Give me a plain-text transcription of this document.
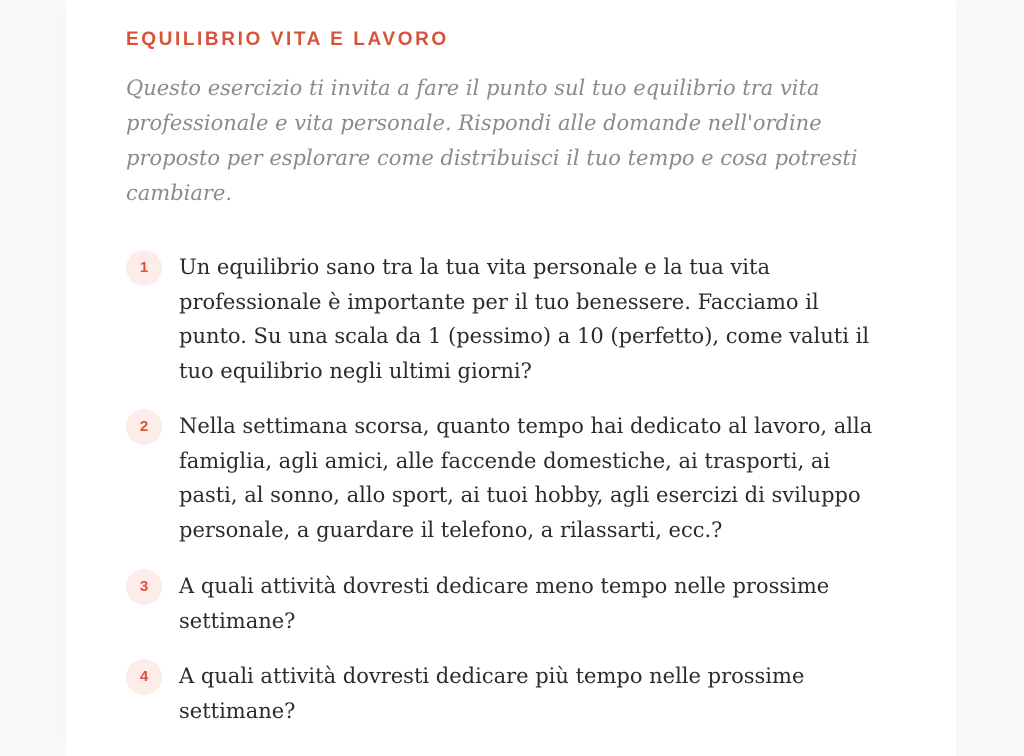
EQUILIBRIO VITA E LAVORO

Questo esercizio ti invita a fare il punto sul tuo equilibrio tra vita professionale e vita personale. Rispondi alle domande nell'ordine proposto per esplorare come distribuisci il tuo tempo e cosa potresti cambiare.

1	Un equilibrio sano tra la tua vita personale e la tua vita professionale è importante per il tuo benessere. Facciamo il punto. Su una scala da 1 (pessimo) a 10 (perfetto), come valuti il tuo equilibrio negli ultimi giorni?

2	Nella settimana scorsa, quanto tempo hai dedicato al lavoro, alla famiglia, agli amici, alle faccende domestiche, ai trasporti, ai pasti, al sonno, allo sport, ai tuoi hobby, agli esercizi di sviluppo personale, a guardare il telefono, a rilassarti, ecc.?

3	A quali attività dovresti dedicare meno tempo nelle prossime settimane?

4	A quali attività dovresti dedicare più tempo nelle prossime settimane?
